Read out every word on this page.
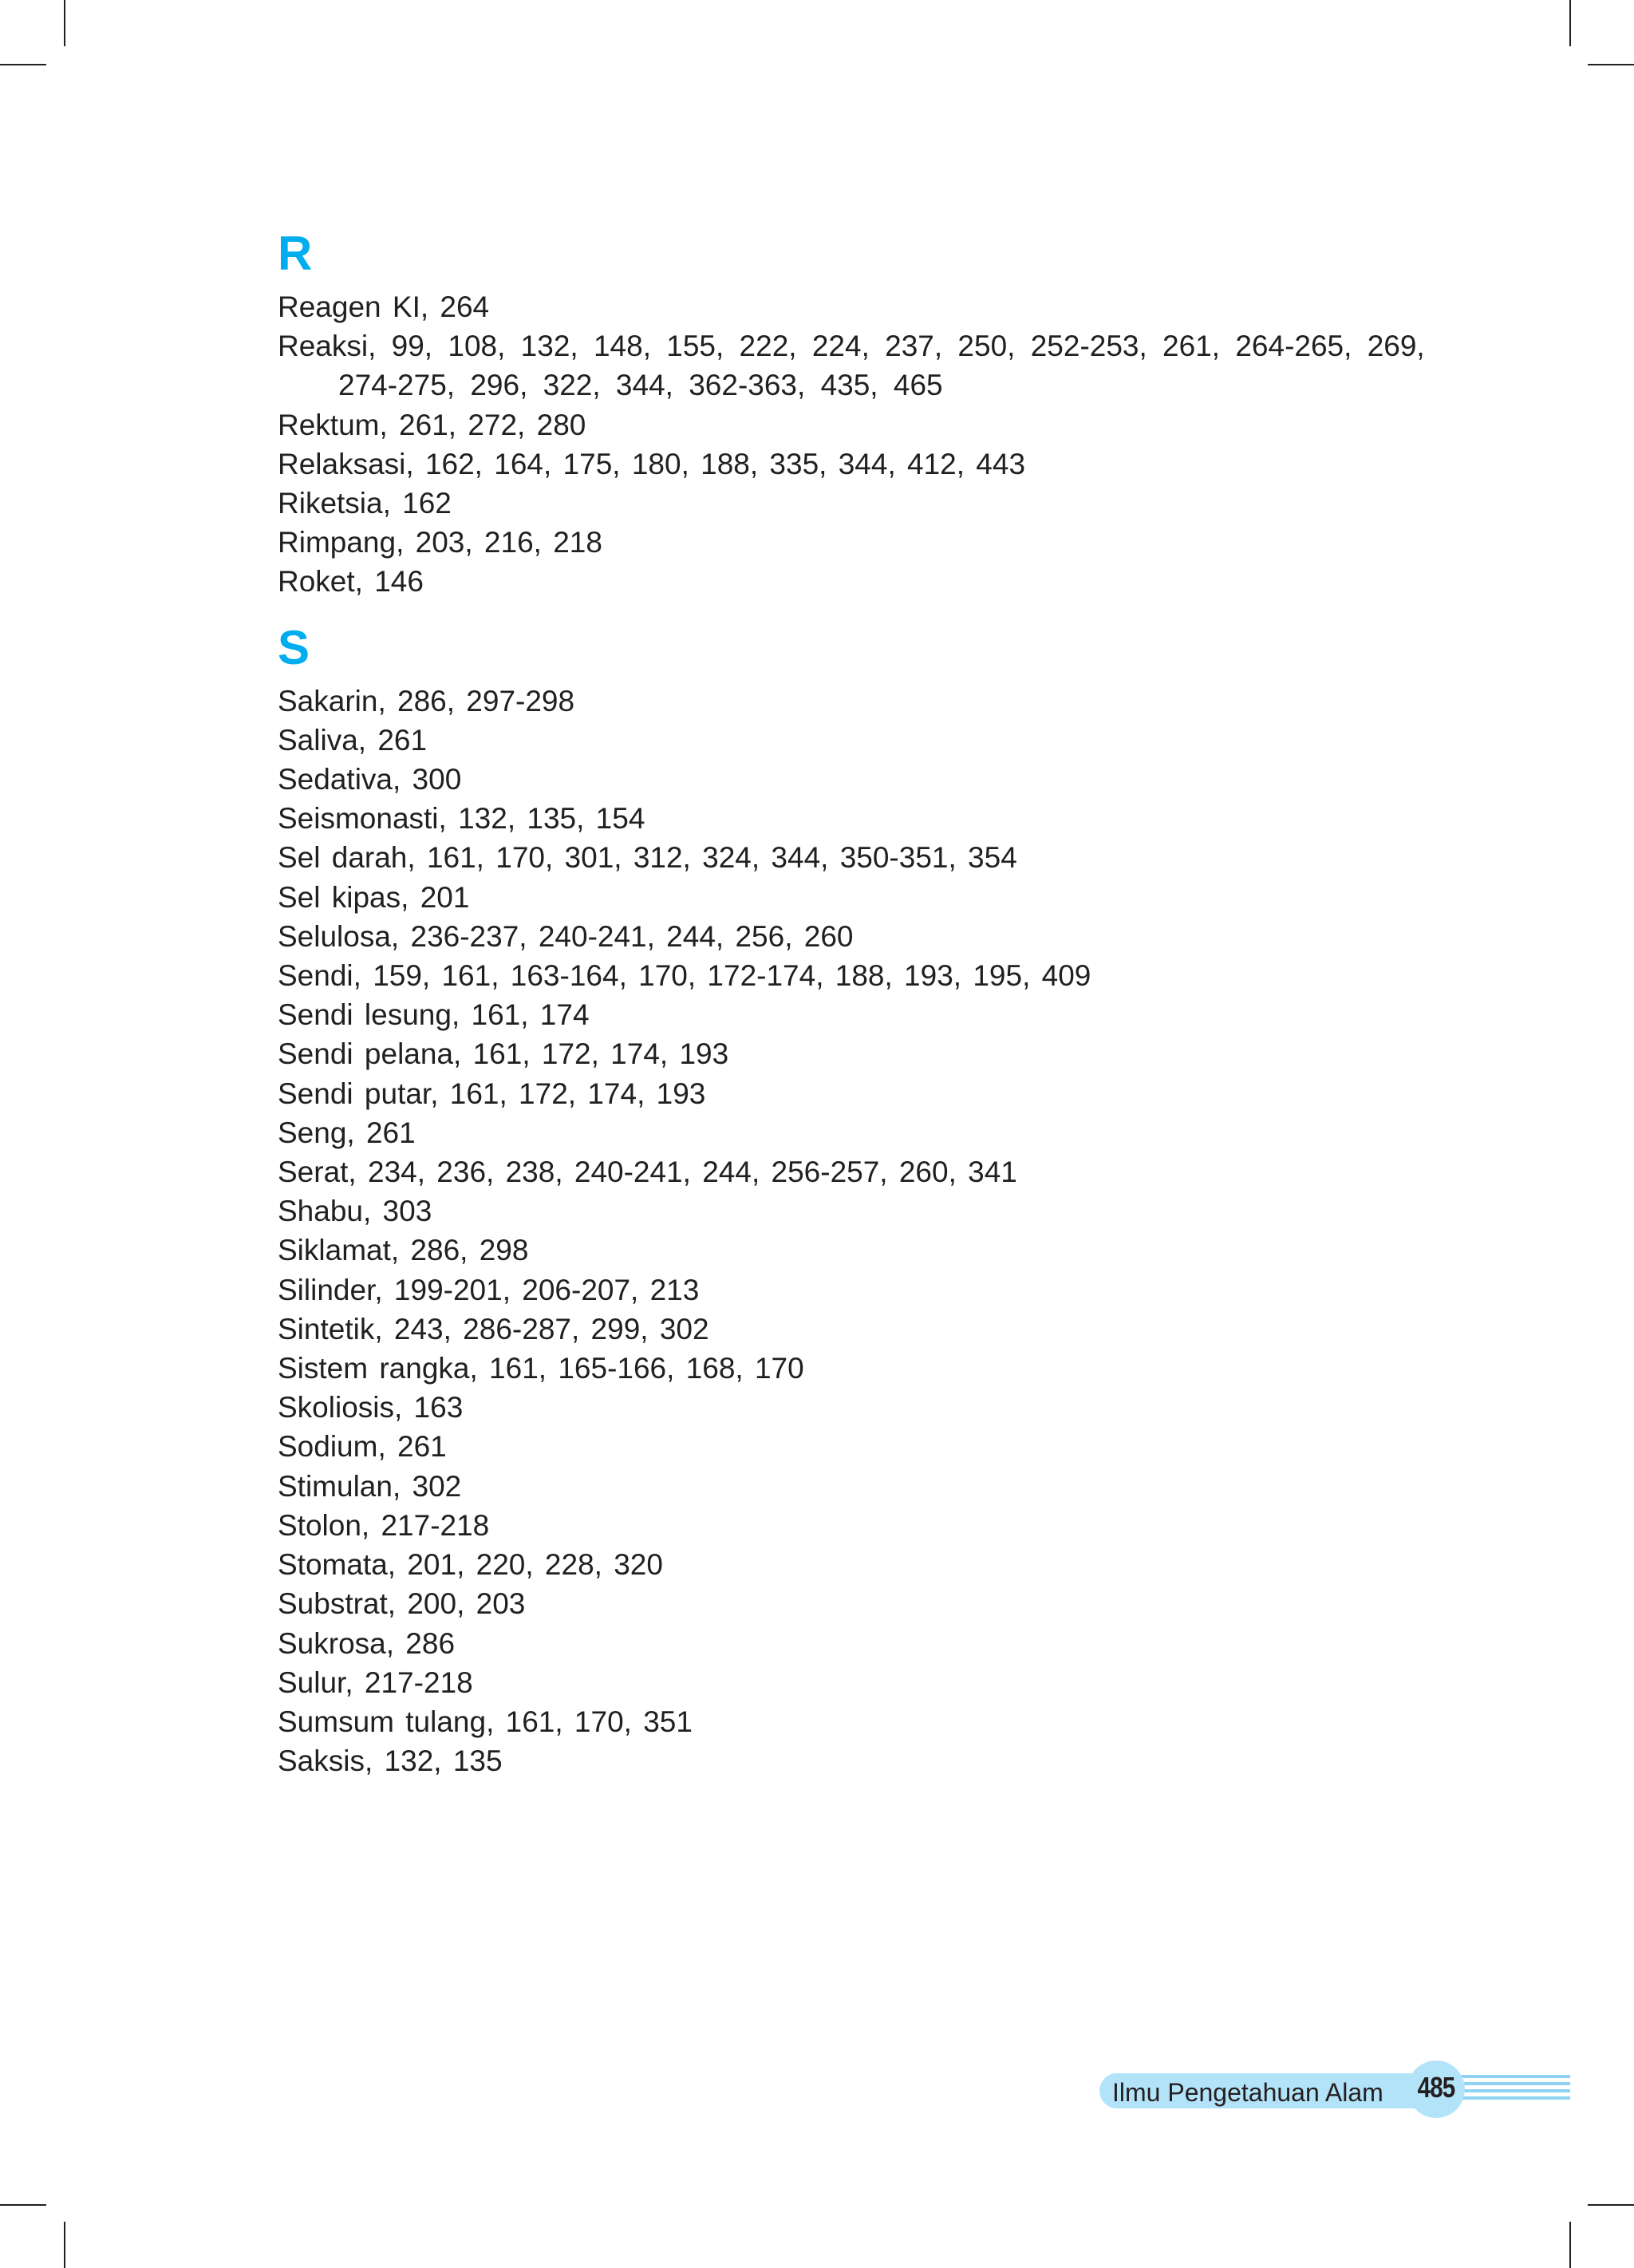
R
Reagen KI, 264
Reaksi, 99, 108, 132, 148, 155, 222, 224, 237, 250, 252-253, 261, 264-265, 269, 274-275, 296, 322, 344, 362-363, 435, 465
Rektum, 261, 272, 280
Relaksasi, 162, 164, 175, 180, 188, 335, 344, 412, 443
Riketsia, 162
Rimpang, 203, 216, 218
Roket, 146
S
Sakarin, 286, 297-298
Saliva, 261
Sedativa, 300
Seismonasti, 132, 135, 154
Sel darah, 161, 170, 301, 312, 324, 344, 350-351, 354
Sel kipas, 201
Selulosa, 236-237, 240-241, 244, 256, 260
Sendi, 159, 161, 163-164, 170, 172-174, 188, 193, 195, 409
Sendi lesung, 161, 174
Sendi pelana, 161, 172, 174, 193
Sendi putar, 161, 172, 174, 193
Seng, 261
Serat, 234, 236, 238, 240-241, 244, 256-257, 260, 341
Shabu, 303
Siklamat, 286, 298
Silinder, 199-201, 206-207, 213
Sintetik, 243, 286-287, 299, 302
Sistem rangka, 161, 165-166, 168, 170
Skoliosis, 163
Sodium, 261
Stimulan, 302
Stolon, 217-218
Stomata, 201, 220, 228, 320
Substrat, 200, 203
Sukrosa, 286
Sulur, 217-218
Sumsum tulang, 161, 170, 351
Saksis, 132, 135
Ilmu Pengetahuan Alam 485
